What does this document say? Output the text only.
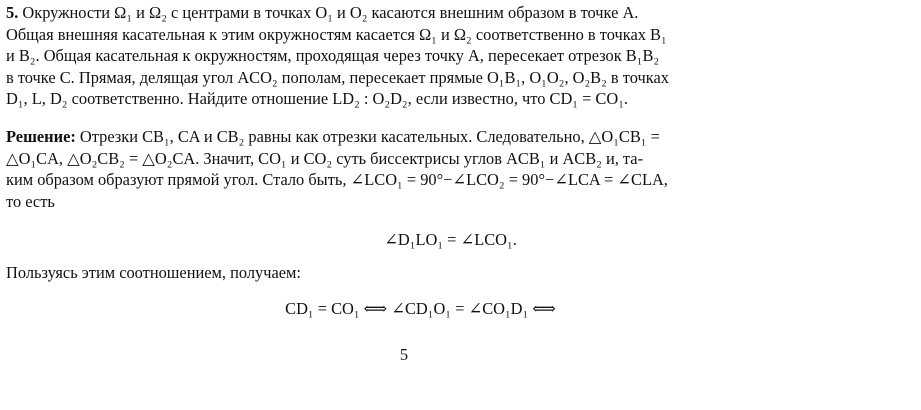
5. Окружности Ω₁ и Ω₂ с центрами в точках O₁ и O₂ касаются внешним образом в точке A.
Общая внешняя касательная к этим окружностям касается Ω₁ и Ω₂ соответственно в точках B₁
и B₂. Общая касательная к окружностям, проходящая через точку A, пересекает отрезок B₁B₂
в точке C. Прямая, делящая угол ACO₂ пополам, пересекает прямые O₁B₁, O₁O₂, O₂B₂ в точках
D₁, L, D₂ соответственно. Найдите отношение LD₂ : O₂D₂, если известно, что CD₁ = CO₁.

Решение: Отрезки CB₁, CA и CB₂ равны как отрезки касательных. Следовательно, △O₁CB₁ =
△O₁CA, △O₂CB₂ = △O₂CA. Значит, CO₁ и CO₂ суть биссектрисы углов ACB₁ и ACB₂ и, та-
ким образом образуют прямой угол. Стало быть, ∠LCO₁ = 90°−∠LCO₂ = 90°−∠LCA = ∠CLA,
то есть

∠D₁LO₁ = ∠LCO₁.
Пользуясь этим соотношением, получаем:
CD₁ = CO₁ ⟺ ∠CD₁O₁ = ∠CO₁D₁ ⟺
5
